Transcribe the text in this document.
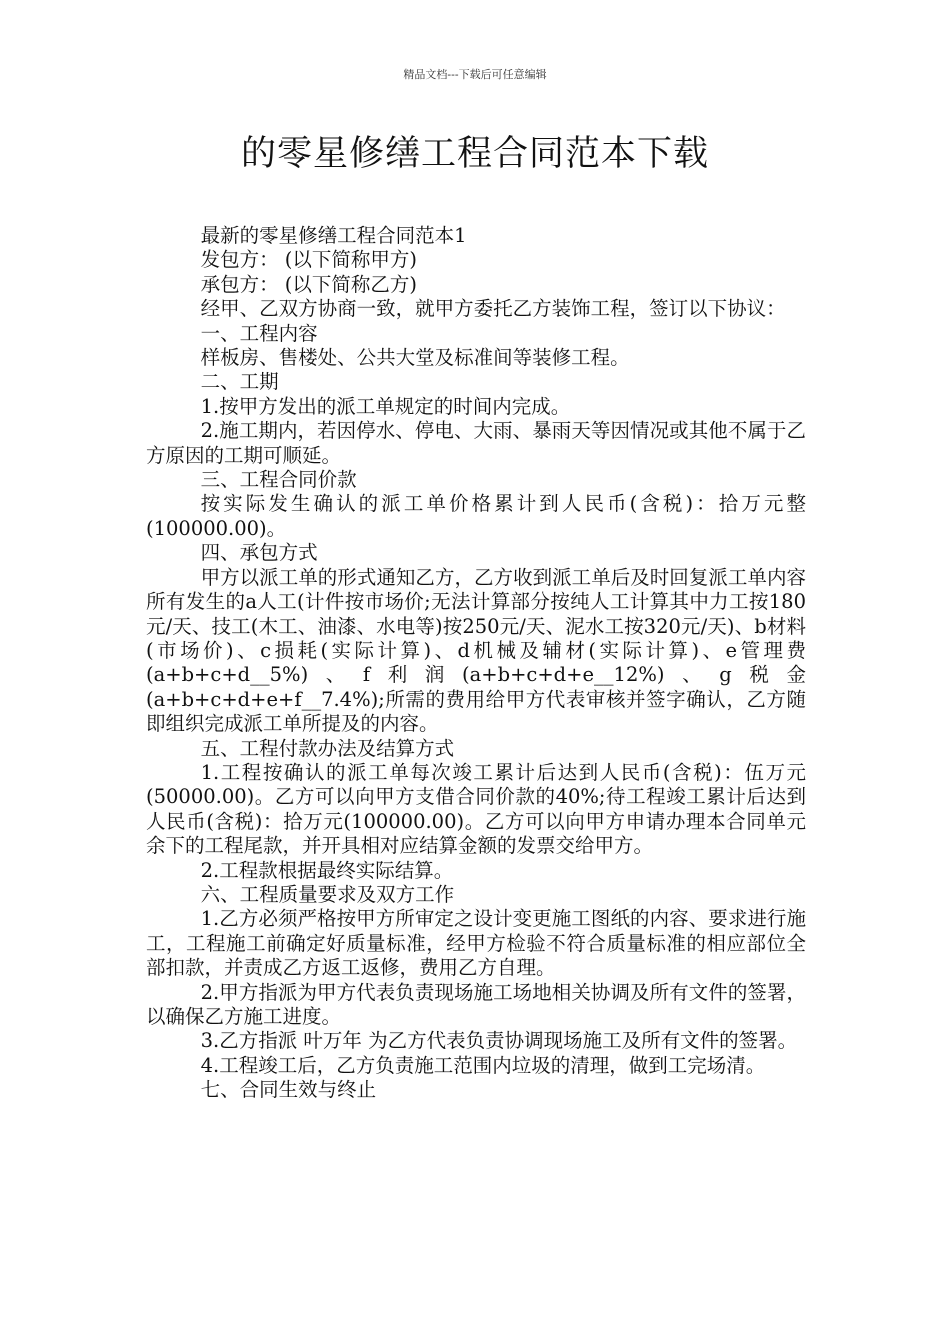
精品文档---下载后可任意编辑
的零星修缮工程合同范本下载

最新的零星修缮工程合同范本1

发包方： (以下简称甲方)

承包方： (以下简称乙方)

经甲、乙双方协商一致，就甲方委托乙方装饰工程，签订以下协议：

一、工程内容

样板房、售楼处、公共大堂及标准间等装修工程。

二、工期

1.按甲方发出的派工单规定的时间内完成。

2.施工期内，若因停水、停电、大雨、暴雨天等因情况或其他不属于乙方原因的工期可顺延。

三、工程合同价款

按实际发生确认的派工单价格累计到人民币(含税)：拾万元整(100000.00)。

四、承包方式

甲方以派工单的形式通知乙方，乙方收到派工单后及时回复派工单内容所有发生的a人工(计件按市场价;无法计算部分按纯人工计算其中力工按180元/天、技工(木工、油漆、水电等)按250元/天、泥水工按320元/天)、b材料(市场价)、c损耗(实际计算)、d机械及辅材(实际计算)、e管理费(a+b+c+d__5%)、f利润(a+b+c+d+e__12%)、g税金(a+b+c+d+e+f__7.4%);所需的费用给甲方代表审核并签字确认，乙方随即组织完成派工单所提及的内容。

五、工程付款办法及结算方式

1.工程按确认的派工单每次竣工累计后达到人民币(含税)：伍万元(50000.00)。乙方可以向甲方支借合同价款的40%;待工程竣工累计后达到人民币(含税)：拾万元(100000.00)。乙方可以向甲方申请办理本合同单元余下的工程尾款，并开具相对应结算金额的发票交给甲方。

2.工程款根据最终实际结算。

六、工程质量要求及双方工作

1.乙方必须严格按甲方所审定之设计变更施工图纸的内容、要求进行施工，工程施工前确定好质量标准，经甲方检验不符合质量标准的相应部位全部扣款，并责成乙方返工返修，费用乙方自理。

2.甲方指派为甲方代表负责现场施工场地相关协调及所有文件的签署，以确保乙方施工进度。

3.乙方指派 叶万年 为乙方代表负责协调现场施工及所有文件的签署。

4.工程竣工后，乙方负责施工范围内垃圾的清理，做到工完场清。

七、合同生效与终止
